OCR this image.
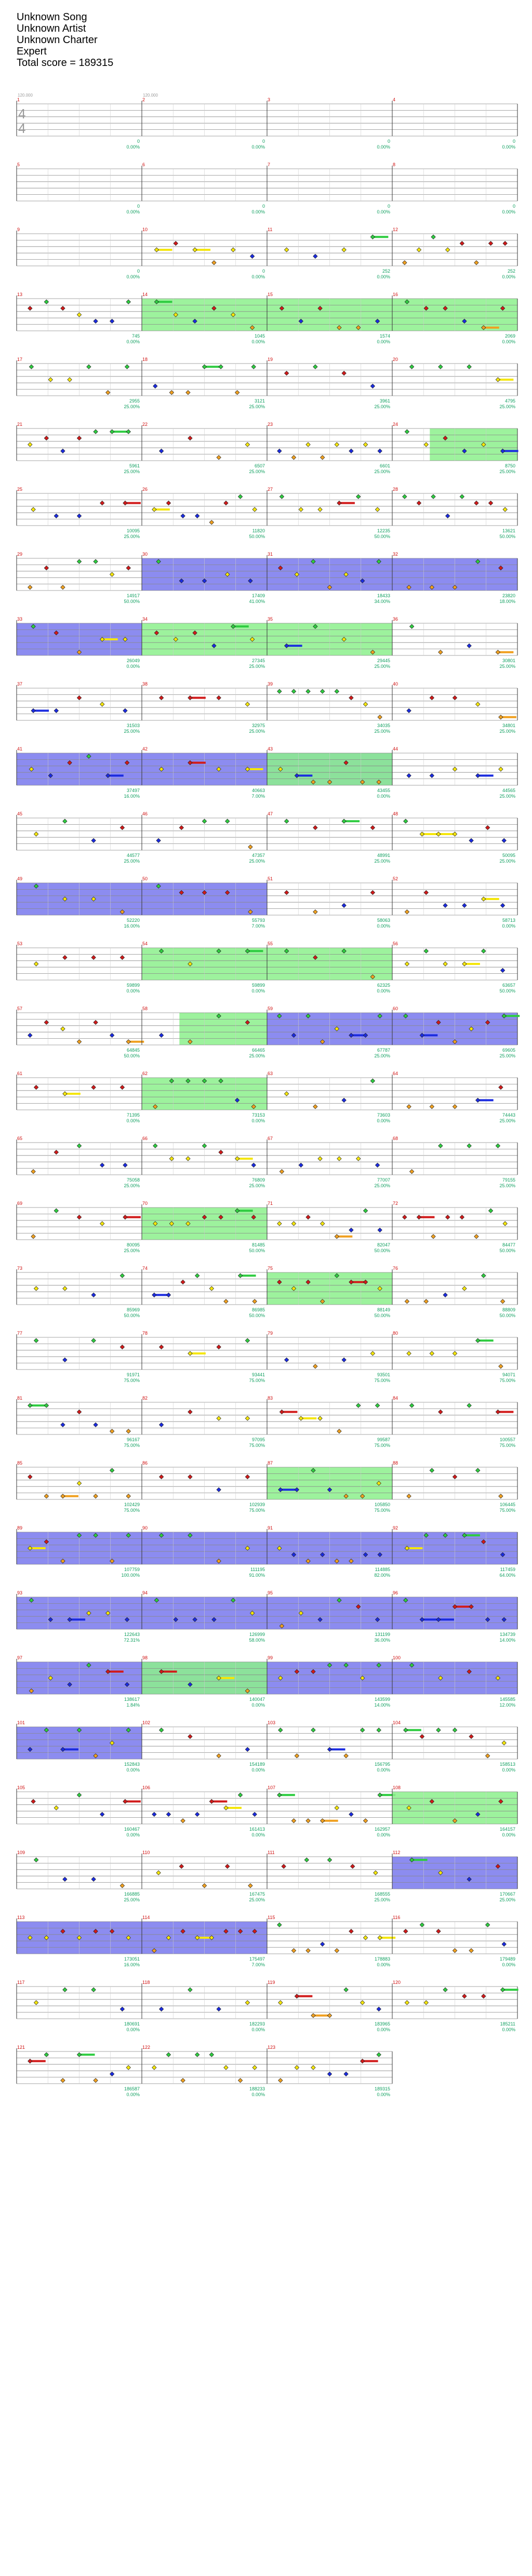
Unknown Song
Unknown Artist
Unknown Charter
Expert
Total score = 189315
1
0
0.00%
2
0
0.00%
3
0
0.00%
4
0
0.00%
5
0
0.00%
6
0
0.00%
7
0
0.00%
8
0
0.00%
9
0
0.00%
10
0
0.00%
11
252
0.00%
12
252
0.00%
13
745
0.00%
14
1045
0.00%
15
1574
0.00%
16
2069
0.00%
17
2955
25.00%
18
3121
25.00%
19
3961
25.00%
20
4795
25.00%
21
5961
25.00%
22
6507
25.00%
23
6601
25.00%
24
8750
25.00%
25
10095
25.00%
26
11820
50.00%
27
12235
50.00%
28
13621
50.00%
29
14917
50.00%
30
17409
41.00%
31
18433
34.00%
32
23820
18.00%
33
26049
0.00%
34
27345
25.00%
35
29445
25.00%
36
30801
25.00%
37
31503
25.00%
38
32975
25.00%
39
34035
25.00%
40
34801
25.00%
41
37497
16.00%
42
40663
7.00%
43
43455
0.00%
44
44565
25.00%
45
44577
25.00%
46
47357
25.00%
47
48991
25.00%
48
50095
25.00%
49
52220
16.00%
50
55793
7.00%
51
58063
0.00%
52
58713
0.00%
53
59899
0.00%
54
59899
0.00%
55
62325
0.00%
56
63657
50.00%
57
64845
50.00%
58
66465
25.00%
59
67787
25.00%
60
69605
25.00%
61
71395
0.00%
62
73153
0.00%
63
73603
0.00%
64
74443
25.00%
65
75058
25.00%
66
76809
25.00%
67
77007
25.00%
68
79155
25.00%
69
80095
25.00%
70
81485
50.00%
71
82047
50.00%
72
84477
50.00%
73
85969
50.00%
74
86985
50.00%
75
88149
50.00%
76
88809
50.00%
77
91971
75.00%
78
93441
75.00%
79
93501
75.00%
80
94071
75.00%
81
96167
75.00%
82
97095
75.00%
83
99587
75.00%
84
100557
75.00%
85
102429
75.00%
86
102939
75.00%
87
105850
75.00%
88
106445
75.00%
89
107759
100.00%
90
111195
91.00%
91
114885
82.00%
92
117459
64.00%
93
122643
72.31%
94
126999
58.00%
95
131199
36.00%
96
134739
14.00%
97
138617
1.84%
98
140047
0.00%
99
143599
14.00%
100
145585
12.00%
101
152843
0.00%
102
154189
0.00%
103
156795
0.00%
104
158513
0.00%
105
160467
0.00%
106
161413
0.00%
107
162957
0.00%
108
164157
0.00%
109
166885
25.00%
110
167475
25.00%
111
168555
25.00%
112
170667
25.00%
113
173051
16.00%
114
175497
7.00%
115
178883
0.00%
116
179489
0.00%
117
180691
0.00%
118
182293
0.00%
119
183965
0.00%
120
185211
0.00%
121
186587
0.00%
122
188233
0.00%
123
189315
0.00%
4
4
120.000	120.000
